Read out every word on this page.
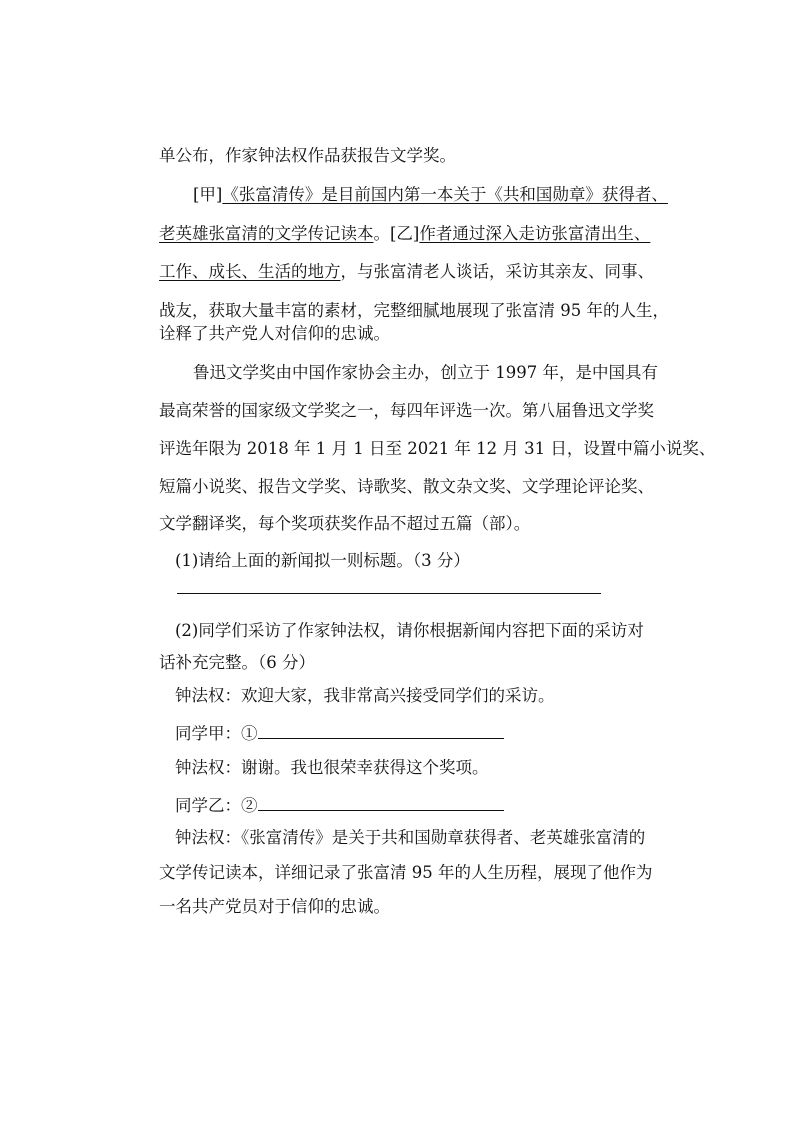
单公布，作家钟法权作品获报告文学奖。
[甲]《张富清传》是目前国内第一本关于《共和国勋章》获得者、
老英雄张富清的文学传记读本。[乙]作者通过深入走访张富清出生、
工作、成长、生活的地方，与张富清老人谈话，采访其亲友、同事、
战友，获取大量丰富的素材，完整细腻地展现了张富清 95 年的人生，
诠释了共产党人对信仰的忠诚。
鲁迅文学奖由中国作家协会主办，创立于 1997 年，是中国具有
最高荣誉的国家级文学奖之一，每四年评选一次。第八届鲁迅文学奖
评选年限为 2018 年 1 月 1 日至 2021 年 12 月 31 日，设置中篇小说奖、
短篇小说奖、报告文学奖、诗歌奖、散文杂文奖、文学理论评论奖、
文学翻译奖，每个奖项获奖作品不超过五篇（部）。
(1)请给上面的新闻拟一则标题。（3 分）
(2)同学们采访了作家钟法权，请你根据新闻内容把下面的采访对
话补充完整。（6 分）
钟法权：欢迎大家，我非常高兴接受同学们的采访。
同学甲：①
钟法权：谢谢。我也很荣幸获得这个奖项。
同学乙：②
钟法权：《张富清传》是关于共和国勋章获得者、老英雄张富清的
文学传记读本，详细记录了张富清 95 年的人生历程，展现了他作为
一名共产党员对于信仰的忠诚。
